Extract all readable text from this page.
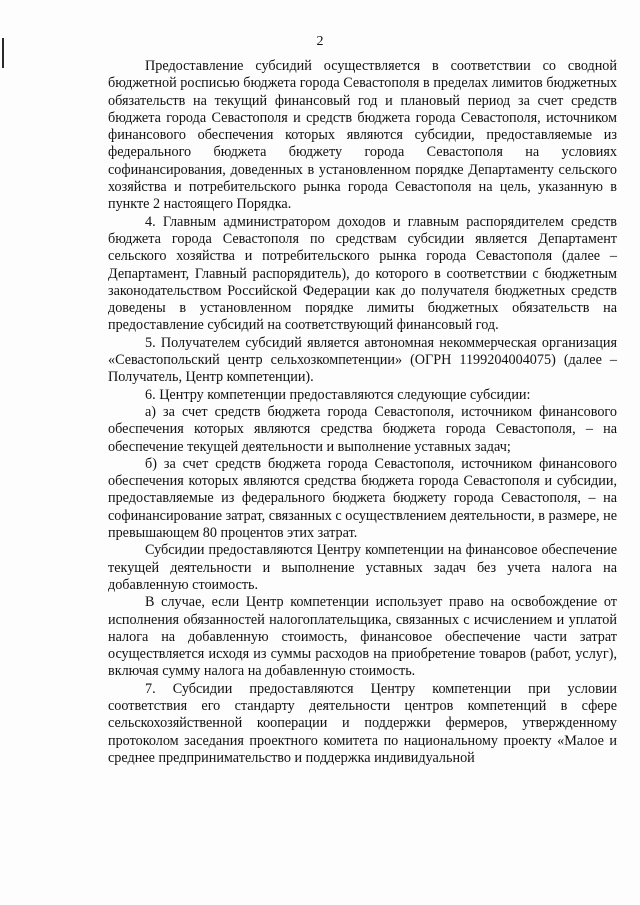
2

Предоставление субсидий осуществляется в соответствии со сводной бюджетной росписью бюджета города Севастополя в пределах лимитов бюджетных обязательств на текущий финансовый год и плановый период за счет средств бюджета города Севастополя и средств бюджета города Севастополя, источником финансового обеспечения которых являются субсидии, предоставляемые из федерального бюджета бюджету города Севастополя на условиях софинансирования, доведенных в установленном порядке Департаменту сельского хозяйства и потребительского рынка города Севастополя на цель, указанную в пункте 2 настоящего Порядка.

4. Главным администратором доходов и главным распорядителем средств бюджета города Севастополя по средствам субсидии является Департамент сельского хозяйства и потребительского рынка города Севастополя (далее – Департамент, Главный распорядитель), до которого в соответствии с бюджетным законодательством Российской Федерации как до получателя бюджетных средств доведены в установленном порядке лимиты бюджетных обязательств на предоставление субсидий на соответствующий финансовый год.

5. Получателем субсидий является автономная некоммерческая организация «Севастопольский центр сельхозкомпетенции» (ОГРН 1199204004075) (далее – Получатель, Центр компетенции).

6. Центру компетенции предоставляются следующие субсидии:

а) за счет средств бюджета города Севастополя, источником финансового обеспечения которых являются средства бюджета города Севастополя, – на обеспечение текущей деятельности и выполнение уставных задач;

б) за счет средств бюджета города Севастополя, источником финансового обеспечения которых являются средства бюджета города Севастополя и субсидии, предоставляемые из федерального бюджета бюджету города Севастополя, – на софинансирование затрат, связанных с осуществлением деятельности, в размере, не превышающем 80 процентов этих затрат.

Субсидии предоставляются Центру компетенции на финансовое обеспечение текущей деятельности и выполнение уставных задач без учета налога на добавленную стоимость.

В случае, если Центр компетенции использует право на освобождение от исполнения обязанностей налогоплательщика, связанных с исчислением и уплатой налога на добавленную стоимость, финансовое обеспечение части затрат осуществляется исходя из суммы расходов на приобретение товаров (работ, услуг), включая сумму налога на добавленную стоимость.

7. Субсидии предоставляются Центру компетенции при условии соответствия его стандарту деятельности центров компетенций в сфере сельскохозяйственной кооперации и поддержки фермеров, утвержденному протоколом заседания проектного комитета по национальному проекту «Малое и среднее предпринимательство и поддержка индивидуальной
